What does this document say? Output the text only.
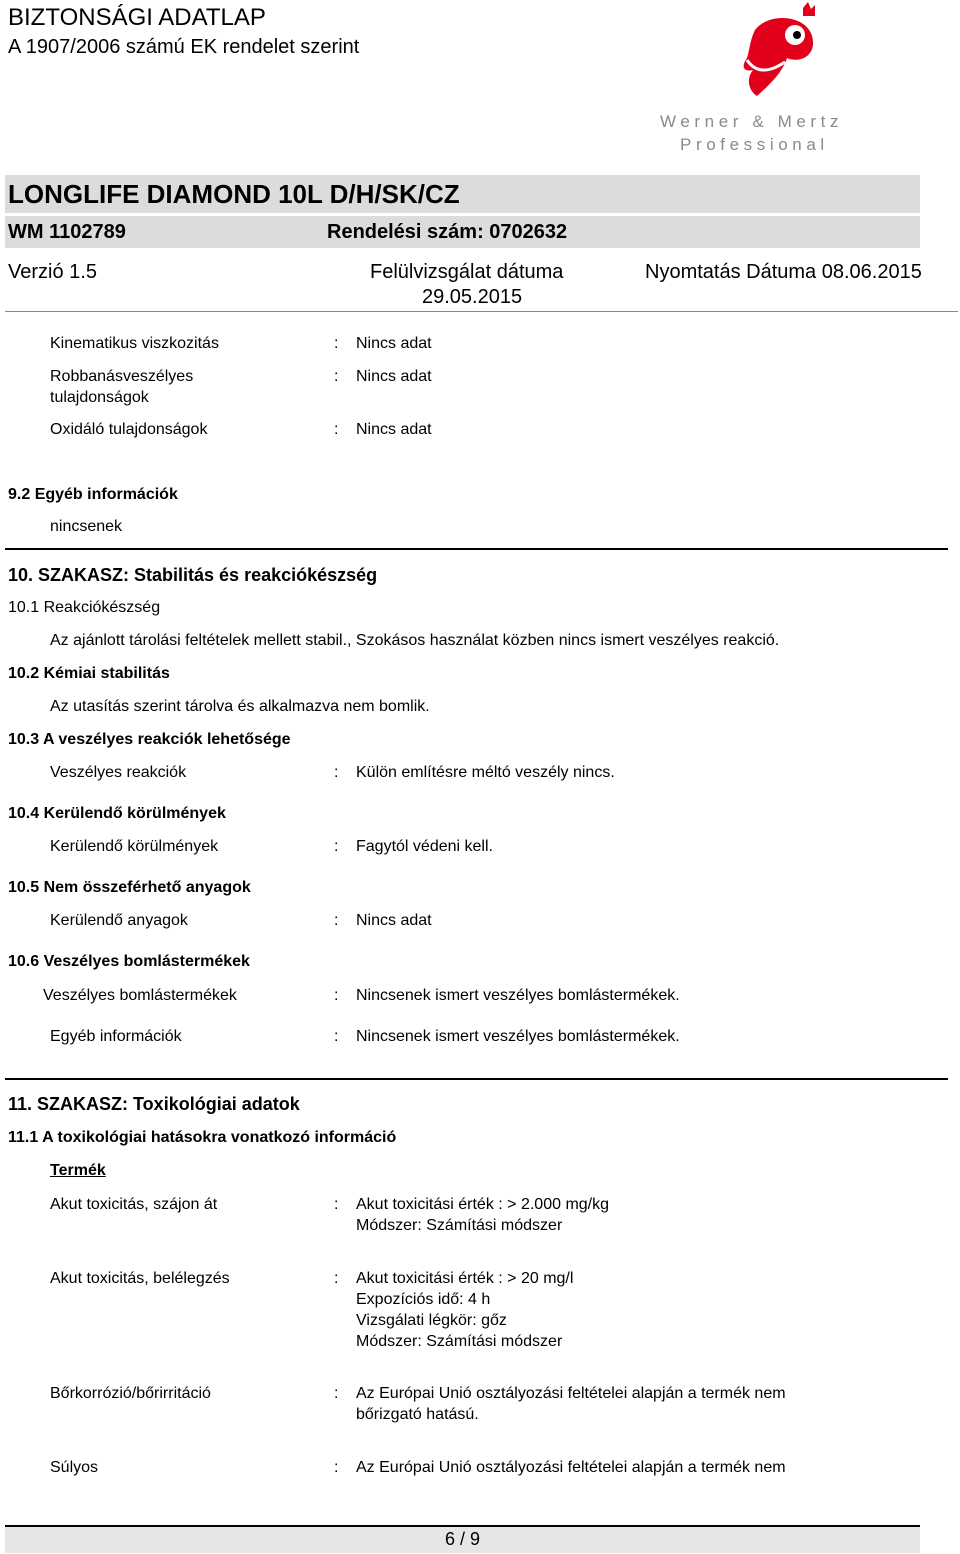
BIZTONSÁGI ADATLAP
A 1907/2006 számú EK rendelet szerint
Werner & Mertz
Professional
LONGLIFE DIAMOND 10L D/H/SK/CZ
WM 1102789	Rendelési szám: 0702632
Verzió 1.5	Felülvizsgálat dátuma
29.05.2015
Nyomtatás Dátuma 08.06.2015
Kinematikus viszkozitás	: Nincs adat
Robbanásveszélyes
tulajdonságok
: Nincs adat
Oxidáló tulajdonságok	: Nincs adat
9.2 Egyéb információk
nincsenek
10. SZAKASZ: Stabilitás és reakciókészség
10.1 Reakciókészség
Az ajánlott tárolási feltételek mellett stabil., Szokásos használat közben nincs ismert veszélyes reakció.
10.2 Kémiai stabilitás
Az utasítás szerint tárolva és alkalmazva nem bomlik.
10.3 A veszélyes reakciók lehetősége
Veszélyes reakciók	: Külön említésre méltó veszély nincs.
10.4 Kerülendő körülmények
Kerülendő körülmények	: Fagytól védeni kell.
10.5 Nem összeférhető anyagok
Kerülendő anyagok	: Nincs adat
10.6 Veszélyes bomlástermékek
Veszélyes bomlástermékek	: Nincsenek ismert veszélyes bomlástermékek.
Egyéb információk	: Nincsenek ismert veszélyes bomlástermékek.
11. SZAKASZ: Toxikológiai adatok
11.1 A toxikológiai hatásokra vonatkozó információ
Termék
Akut toxicitás, szájon át	: Akut toxicitási érték : > 2.000 mg/kg
Módszer: Számítási módszer
Akut toxicitás, belélegzés	: Akut toxicitási érték : > 20 mg/l
Expozíciós idő: 4 h
Vizsgálati légkör: gőz
Módszer: Számítási módszer
Bőrkorrózió/bőrirritáció	: Az Európai Unió osztályozási feltételei alapján a termék nem
bőrizgató hatású.
Súlyos	: Az Európai Unió osztályozási feltételei alapján a termék nem
6 / 9
